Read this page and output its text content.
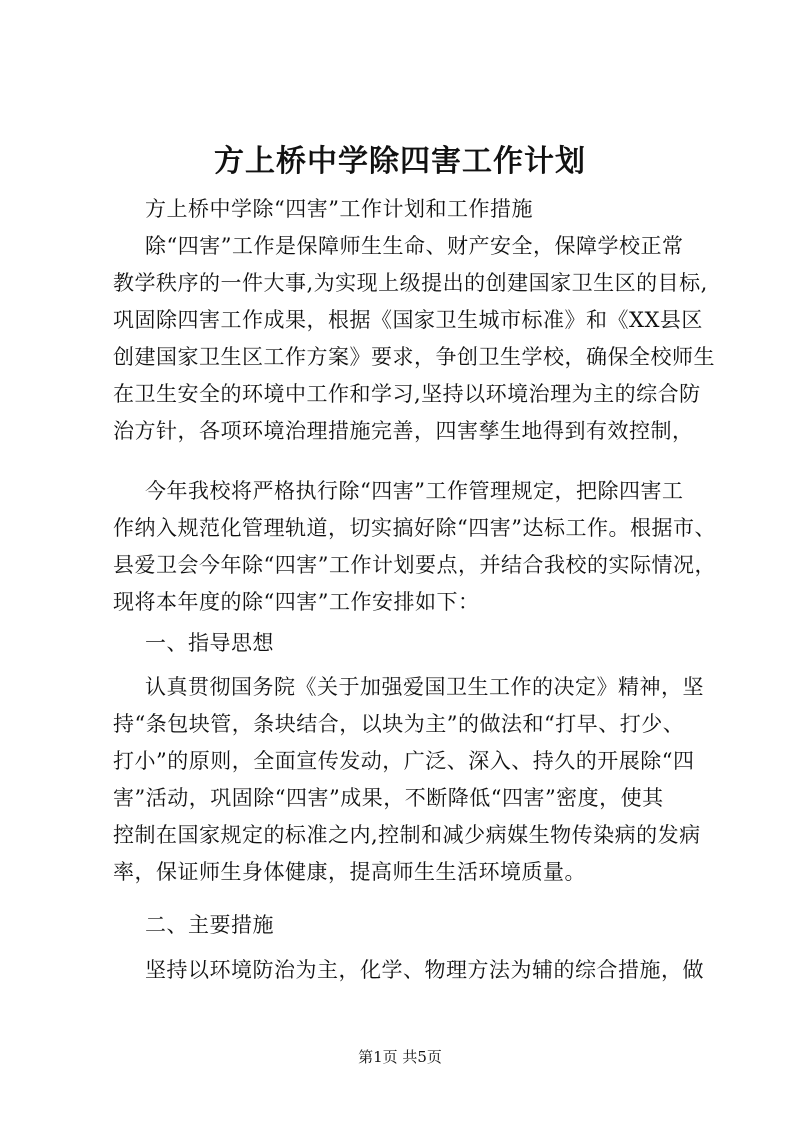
方上桥中学除四害工作计划
方上桥中学除“四害”工作计划和工作措施
除“四害”工作是保障师生生命、财产安全，保障学校正常
教学秩序的一件大事,为实现上级提出的创建国家卫生区的目标,
巩固除四害工作成果，根据《国家卫生城市标准》和《XX县区
创建国家卫生区工作方案》要求，争创卫生学校，确保全校师生
在卫生安全的环境中工作和学习,坚持以环境治理为主的综合防
治方针，各项环境治理措施完善，四害孳生地得到有效控制，
今年我校将严格执行除“四害”工作管理规定，把除四害工
作纳入规范化管理轨道，切实搞好除“四害”达标工作。根据市、
县爱卫会今年除“四害”工作计划要点，并结合我校的实际情况，
现将本年度的除“四害”工作安排如下：
一、指导思想
认真贯彻国务院《关于加强爱国卫生工作的决定》精神，坚
持“条包块管，条块结合，以块为主”的做法和“打早、打少、
打小”的原则，全面宣传发动，广泛、深入、持久的开展除“四
害”活动，巩固除“四害”成果，不断降低“四害”密度，使其
控制在国家规定的标准之内,控制和减少病媒生物传染病的发病
率，保证师生身体健康，提高师生生活环境质量。
二、主要措施
坚持以环境防治为主，化学、物理方法为辅的综合措施，做
第1页 共5页
